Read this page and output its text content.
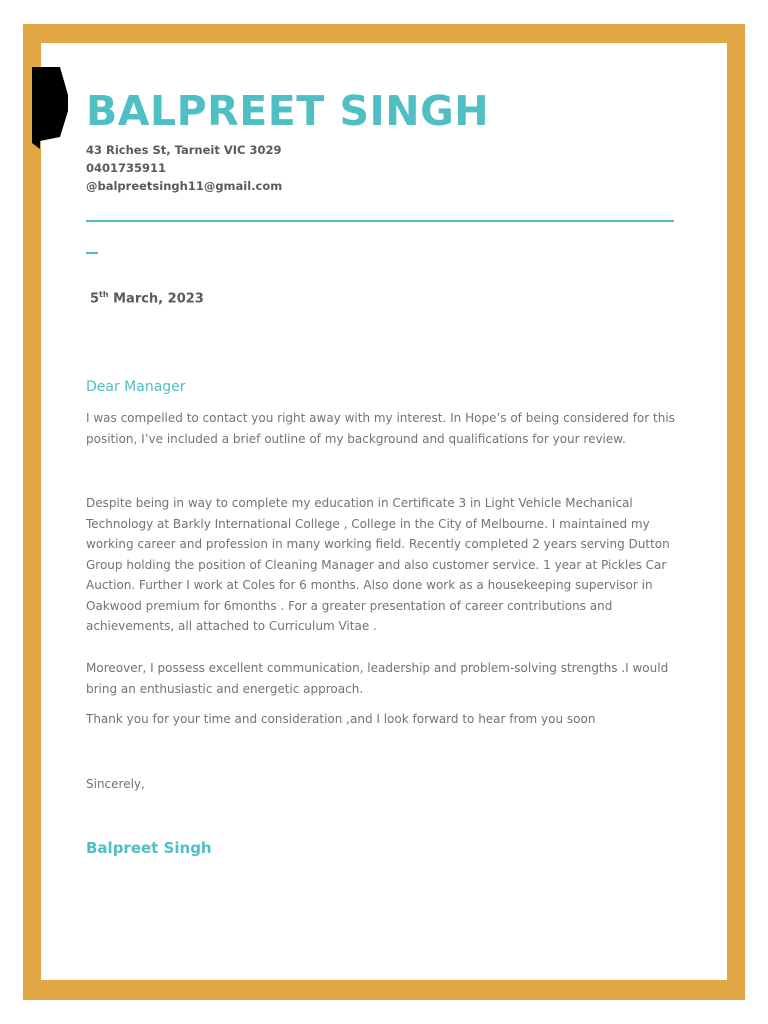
BALPREET SINGH
43 Riches St, Tarneit VIC 3029
0401735911
@balpreetsingh11@gmail.com
5th March, 2023
Dear Manager

I was compelled to contact you right away with my interest. In Hope’s of being considered for this position, I’ve included a brief outline of my background and qualifications for your review.

Despite being in way to complete my education in Certificate 3 in Light Vehicle Mechanical Technology at Barkly International College , College in the City of Melbourne. I maintained my working career and profession in many working field. Recently completed 2 years serving Dutton Group holding the position of Cleaning Manager and also customer service. 1 year at Pickles Car Auction. Further I work at Coles for 6 months. Also done work as a housekeeping supervisor in Oakwood premium for 6months . For a greater presentation of career contributions and achievements, all attached to Curriculum Vitae .

Moreover, I possess excellent communication, leadership and problem-solving strengths .I would bring an enthusiastic and energetic approach.

Thank you for your time and consideration ,and I look forward to hear from you soon

Sincerely,
Balpreet Singh
